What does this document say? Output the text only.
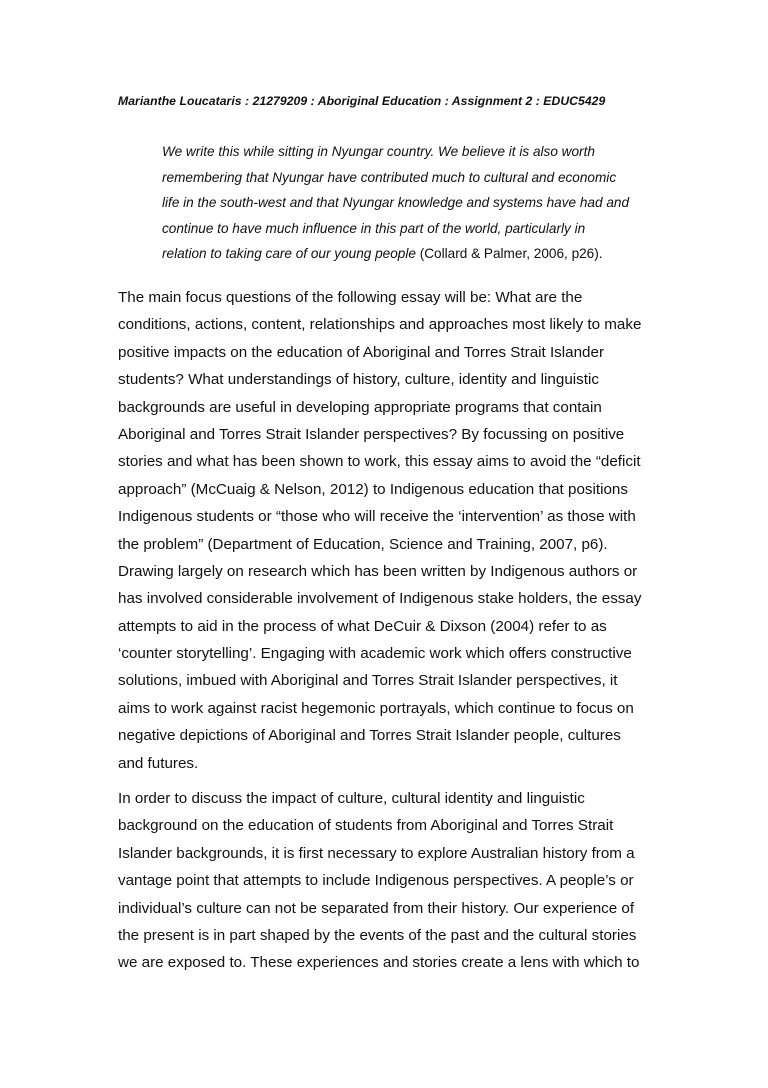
Marianthe Loucataris : 21279209 : Aboriginal Education : Assignment 2 : EDUC5429
We write this while sitting in Nyungar country. We believe it is also worth
remembering that Nyungar have contributed much to cultural and economic
life in the south-west and that Nyungar knowledge and systems have had and
continue to have much influence in this part of the world, particularly in
relation to taking care of our young people (Collard & Palmer, 2006, p26).
The main focus questions of the following essay will be: What are the
conditions, actions, content, relationships and approaches most likely to make
positive impacts on the education of Aboriginal and Torres Strait Islander
students? What understandings of history, culture, identity and linguistic
backgrounds are useful in developing appropriate programs that contain
Aboriginal and Torres Strait Islander perspectives? By focussing on positive
stories and what has been shown to work, this essay aims to avoid the “deficit
approach” (McCuaig & Nelson, 2012) to Indigenous education that positions
Indigenous students or “those who will receive the ‘intervention’ as those with
the problem” (Department of Education, Science and Training, 2007, p6).
Drawing largely on research which has been written by Indigenous authors or
has involved considerable involvement of Indigenous stake holders, the essay
attempts to aid in the process of what DeCuir & Dixson (2004) refer to as
‘counter storytelling’. Engaging with academic work which offers constructive
solutions, imbued with Aboriginal and Torres Strait Islander perspectives, it
aims to work against racist hegemonic portrayals, which continue to focus on
negative depictions of Aboriginal and Torres Strait Islander people, cultures
and futures.
In order to discuss the impact of culture, cultural identity and linguistic
background on the education of students from Aboriginal and Torres Strait
Islander backgrounds, it is first necessary to explore Australian history from a
vantage point that attempts to include Indigenous perspectives. A people’s or
individual’s culture can not be separated from their history. Our experience of
the present is in part shaped by the events of the past and the cultural stories
we are exposed to. These experiences and stories create a lens with which to
